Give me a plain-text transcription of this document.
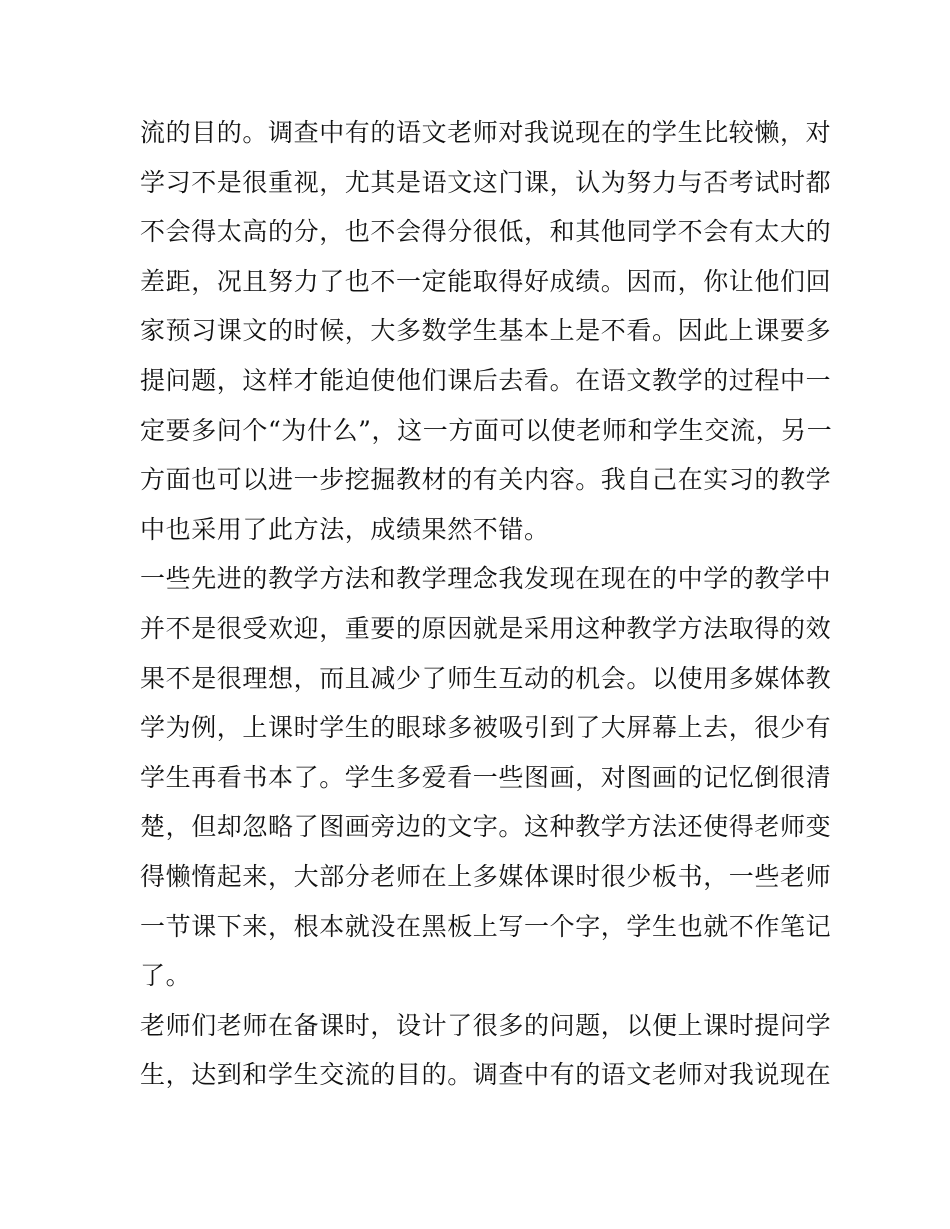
流的目的。调查中有的语文老师对我说现在的学生比较懒，对
学习不是很重视，尤其是语文这门课，认为努力与否考试时都
不会得太高的分，也不会得分很低，和其他同学不会有太大的
差距，况且努力了也不一定能取得好成绩。因而，你让他们回
家预习课文的时候，大多数学生基本上是不看。因此上课要多
提问题，这样才能迫使他们课后去看。在语文教学的过程中一
定要多问个“为什么”，这一方面可以使老师和学生交流，另一
方面也可以进一步挖掘教材的有关内容。我自己在实习的教学
中也采用了此方法，成绩果然不错。
一些先进的教学方法和教学理念我发现在现在的中学的教学中
并不是很受欢迎，重要的原因就是采用这种教学方法取得的效
果不是很理想，而且减少了师生互动的机会。以使用多媒体教
学为例，上课时学生的眼球多被吸引到了大屏幕上去，很少有
学生再看书本了。学生多爱看一些图画，对图画的记忆倒很清
楚，但却忽略了图画旁边的文字。这种教学方法还使得老师变
得懒惰起来，大部分老师在上多媒体课时很少板书，一些老师
一节课下来，根本就没在黑板上写一个字，学生也就不作笔记
了。
老师们老师在备课时，设计了很多的问题，以便上课时提问学
生，达到和学生交流的目的。调查中有的语文老师对我说现在
